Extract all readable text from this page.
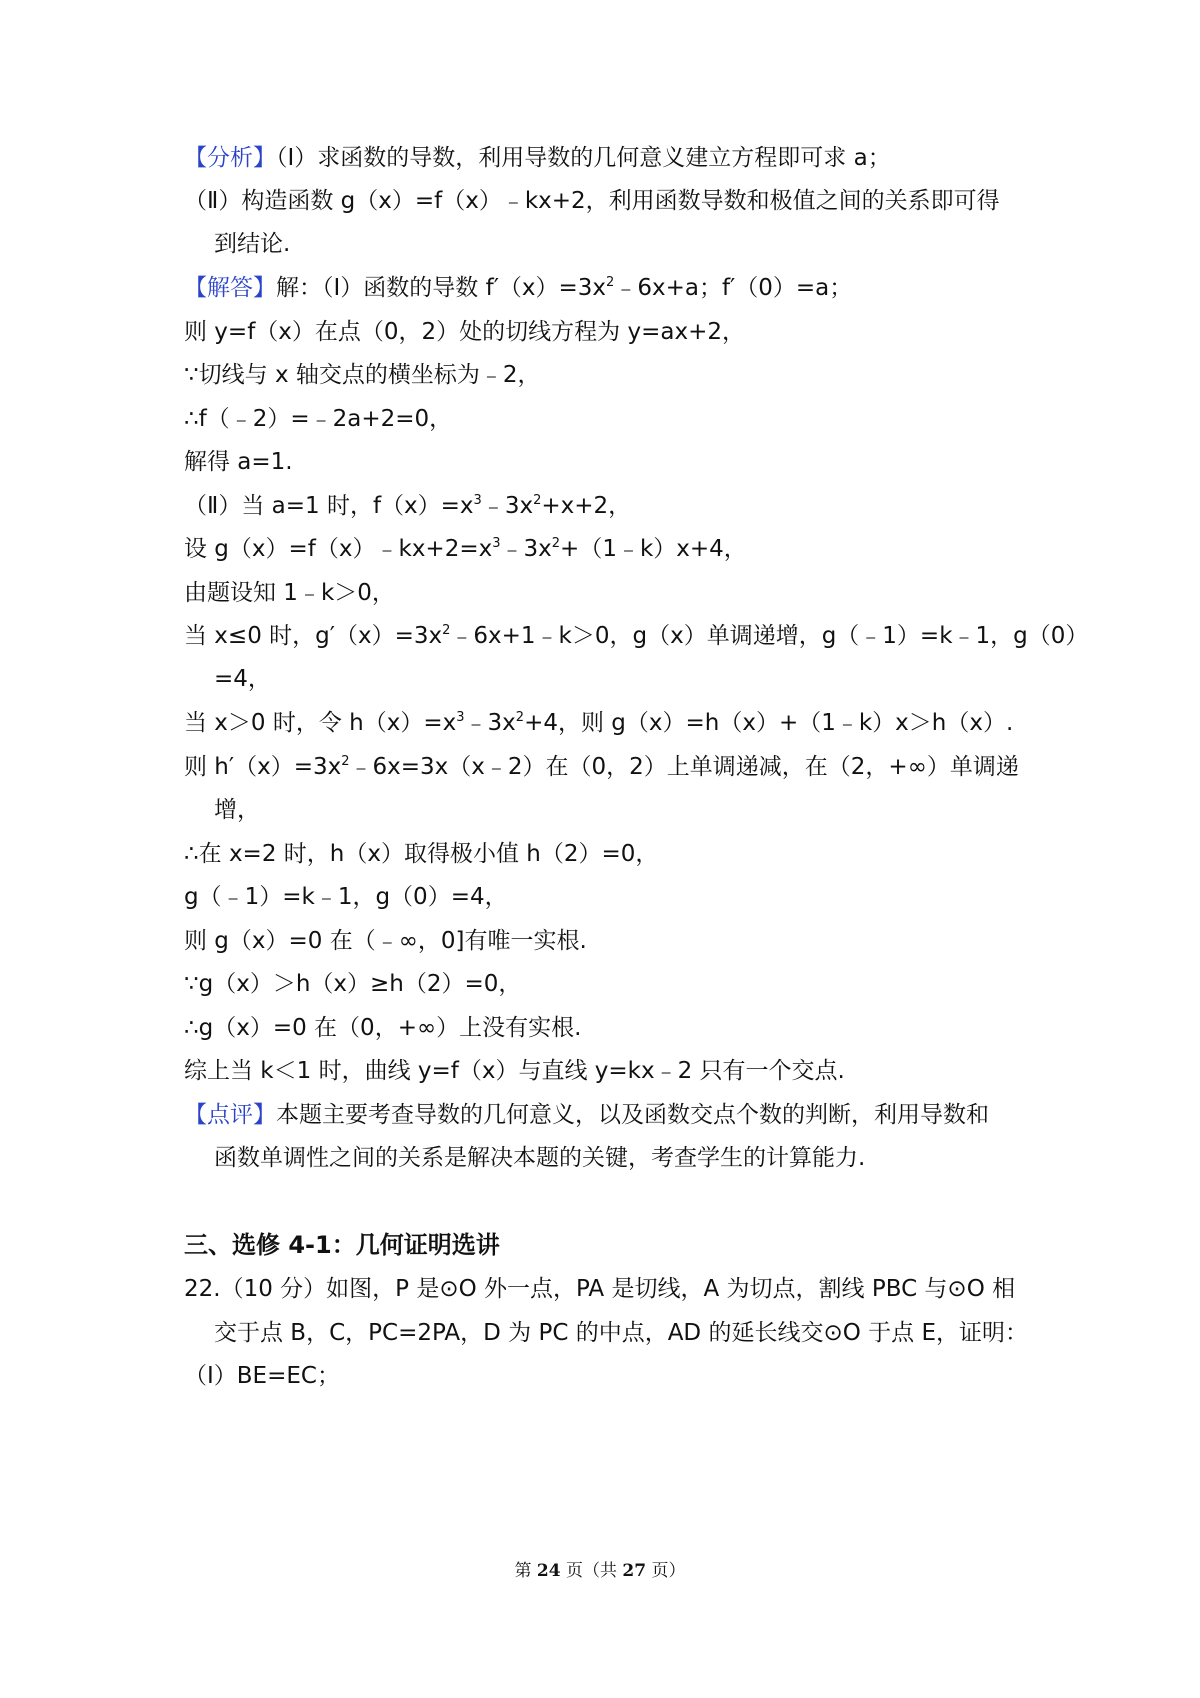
【分析】（Ⅰ）求函数的导数，利用导数的几何意义建立方程即可求 a；
（Ⅱ）构造函数 g（x）=f（x）﹣kx+2，利用函数导数和极值之间的关系即可得
到结论.
【解答】解：（Ⅰ）函数的导数 $f'(x)=3x^2﹣6x+a$；f′（0）=a；
则 y=f（x）在点（0，2）处的切线方程为 y=ax+2，
∵切线与 x 轴交点的横坐标为﹣2，
∴f（﹣2）=﹣2a+2=0，
解得 a=1.
（Ⅱ）当 a=1 时，$f(x)=x^3﹣3x^2+x+2$，
设 $g(x)=f(x)﹣kx+2=x^3﹣3x^2+(1﹣k)x+4$，
由题设知 1﹣k＞0，
当 x≤0 时，$g'(x)=3x^2﹣6x+1﹣k>0$，g（x）单调递增，g（﹣1）=k﹣1，g（0）
=4，
当 x＞0 时，令 $h(x)=x^3﹣3x^2+4$，则 g（x）=h（x）+（1﹣k）x＞h（x）.
则 $h'(x)=3x^2﹣6x=3x(x﹣2)$在（0，2）上单调递减，在（2，+∞）单调递
增，
∴在 x=2 时，h（x）取得极小值 h（2）=0，
g（﹣1）=k﹣1，g（0）=4，
则 g（x）=0 在（﹣∞，0]有唯一实根.
∵g（x）＞h（x）≥h（2）=0，
∴g（x）=0 在（0，+∞）上没有实根.
综上当 k＜1 时，曲线 y=f（x）与直线 y=kx﹣2 只有一个交点.
【点评】本题主要考查导数的几何意义，以及函数交点个数的判断，利用导数和
函数单调性之间的关系是解决本题的关键，考查学生的计算能力.
三、选修 4-1：几何证明选讲
22.（10 分）如图，P 是⊙O 外一点，PA 是切线，A 为切点，割线 PBC 与⊙O 相
交于点 B，C，PC=2PA，D 为 PC 的中点，AD 的延长线交⊙O 于点 E，证明：
（Ⅰ）BE=EC；
第 24 页（共 27 页）
